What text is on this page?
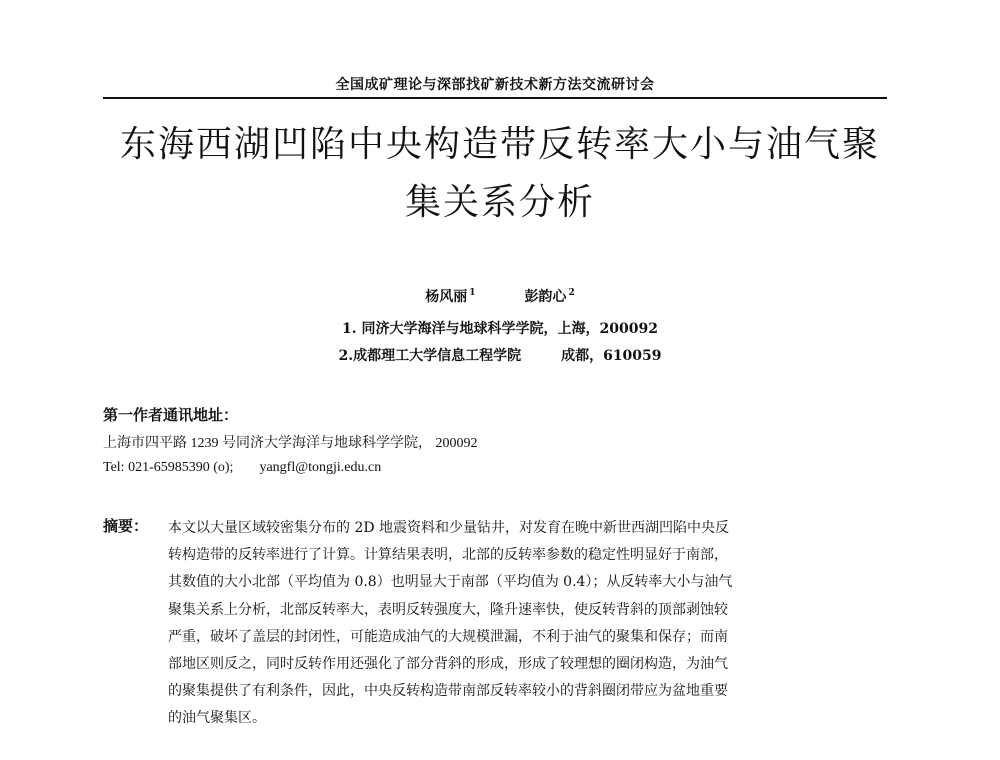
全国成矿理论与深部找矿新技术新方法交流研讨会
东海西湖凹陷中央构造带反转率大小与油气聚
集关系分析
杨风丽 $^1$	彭韵心 $^2$
1. 同济大学海洋与地球科学学院，上海，200092
2.成都理工大学信息工程学院	成都，610059
第一作者通讯地址：
上海市四平路 1239 号同济大学海洋与地球科学学院， 200092
Tel: 021-65985390 (o); yangfl@tongji.edu.cn
摘要： 本文以大量区域较密集分布的 2D 地震资料和少量钻井，对发育在晚中新世西湖凹陷中央反
转构造带的反转率进行了计算。计算结果表明，北部的反转率参数的稳定性明显好于南部，
其数值的大小北部（平均值为 0.8）也明显大于南部（平均值为 0.4）；从反转率大小与油气
聚集关系上分析，北部反转率大，表明反转强度大，隆升速率快，使反转背斜的顶部剥蚀较
严重，破坏了盖层的封闭性，可能造成油气的大规模泄漏，不利于油气的聚集和保存；而南
部地区则反之，同时反转作用还强化了部分背斜的形成，形成了较理想的圈闭构造，为油气
的聚集提供了有利条件，因此，中央反转构造带南部反转率较小的背斜圈闭带应为盆地重要
的油气聚集区。
